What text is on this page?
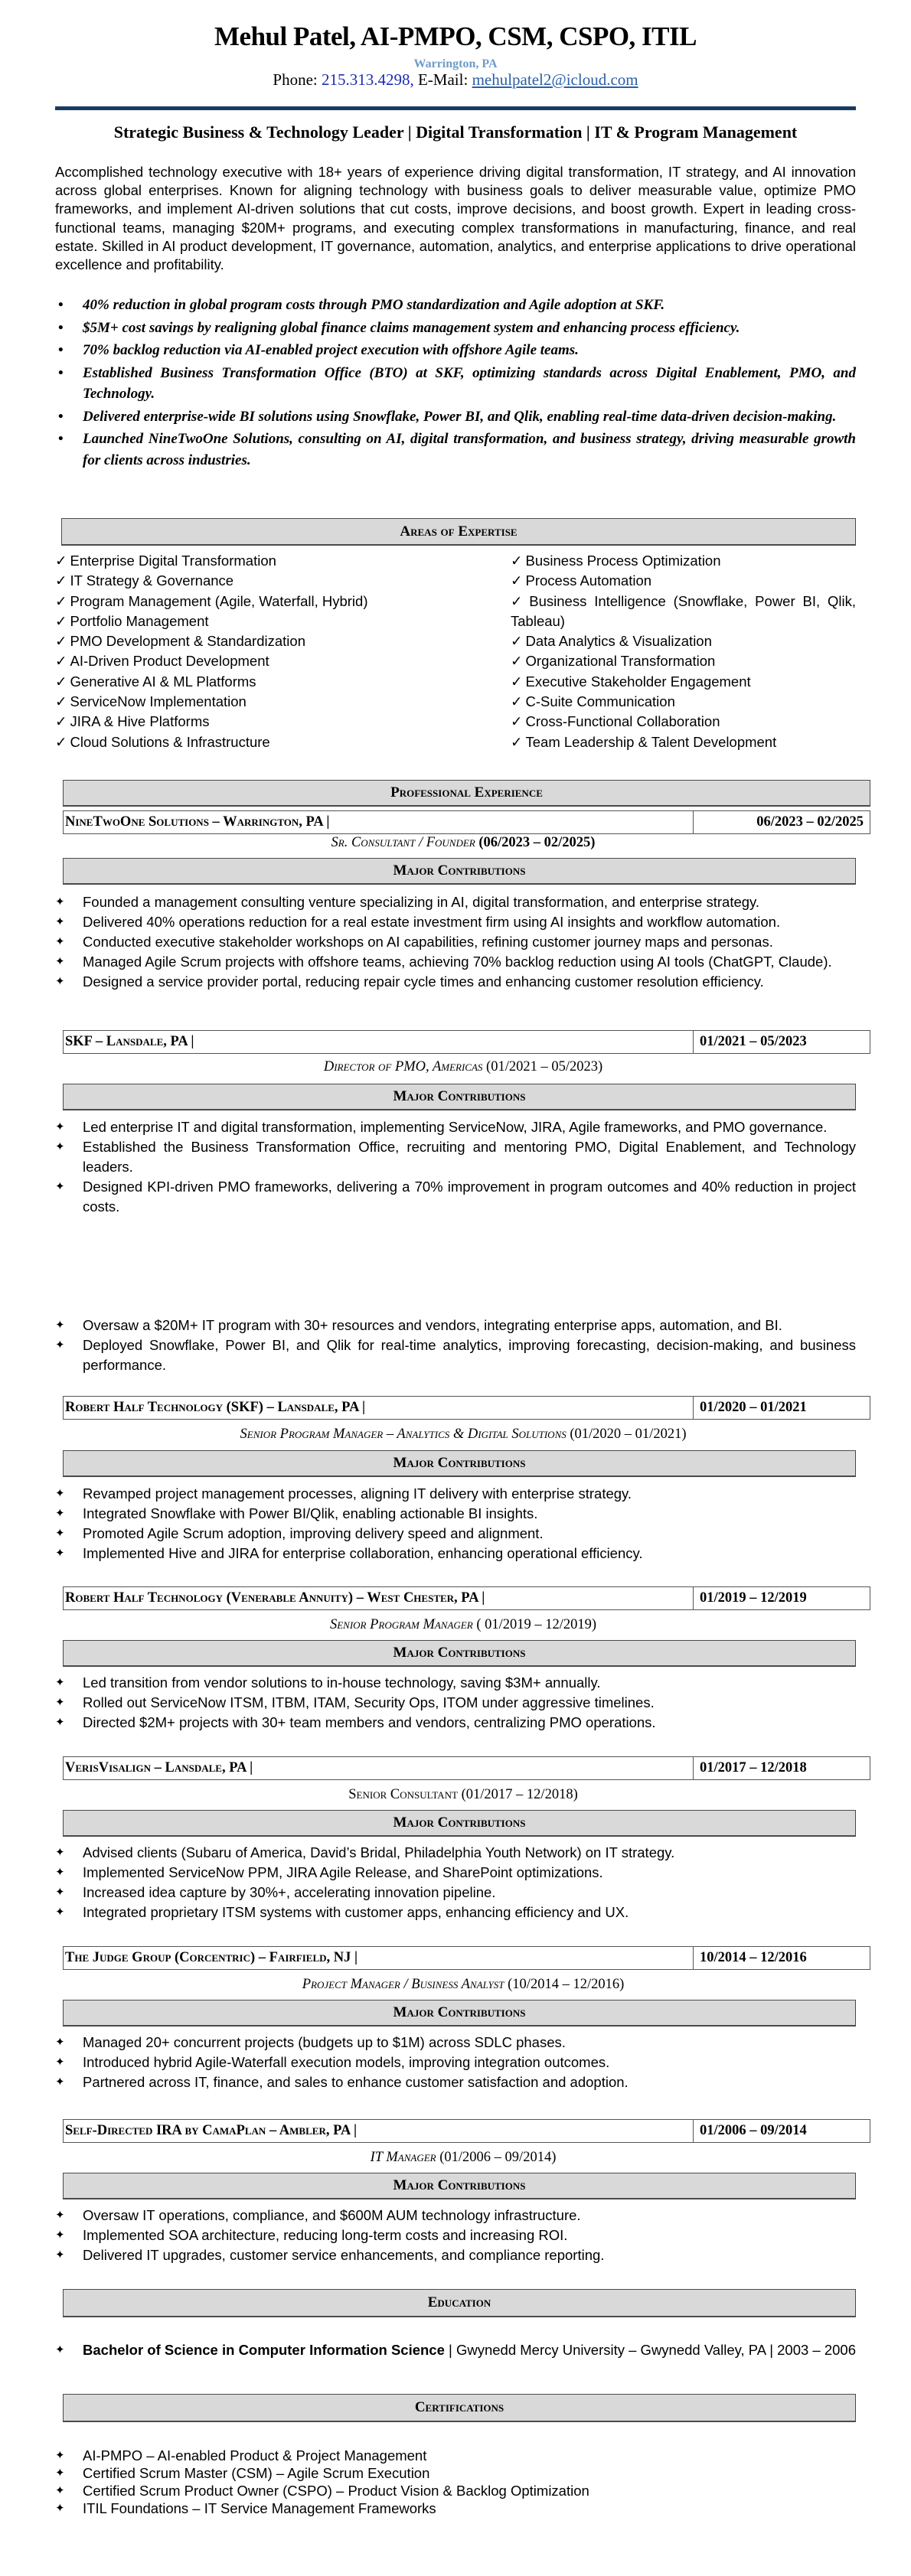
Mehul Patel, AI-PMPO, CSM, CSPO, ITIL
Warrington, PA
Phone: 215.313.4298, E-Mail: mehulpatel2@icloud.com
Strategic Business & Technology Leader | Digital Transformation | IT & Program Management
Accomplished technology executive with 18+ years of experience driving digital transformation, IT strategy, and AI innovation across global enterprises. Known for aligning technology with business goals to deliver measurable value, optimize PMO frameworks, and implement AI-driven solutions that cut costs, improve decisions, and boost growth. Expert in leading cross-functional teams, managing $20M+ programs, and executing complex transformations in manufacturing, finance, and real estate. Skilled in AI product development, IT governance, automation, analytics, and enterprise applications to drive operational excellence and profitability.
• 40% reduction in global program costs through PMO standardization and Agile adoption at SKF.
• $5M+ cost savings by realigning global finance claims management system and enhancing process efficiency.
• 70% backlog reduction via AI-enabled project execution with offshore Agile teams.
• Established Business Transformation Office (BTO) at SKF, optimizing standards across Digital Enablement, PMO, and Technology.
• Delivered enterprise-wide BI solutions using Snowflake, Power BI, and Qlik, enabling real-time data-driven decision-making.
• Launched NineTwoOne Solutions, consulting on AI, digital transformation, and business strategy, driving measurable growth for clients across industries.
Areas of Expertise
✓ Enterprise Digital Transformation
✓ IT Strategy & Governance
✓ Program Management (Agile, Waterfall, Hybrid)
✓ Portfolio Management
✓ PMO Development & Standardization
✓ AI-Driven Product Development
✓ Generative AI & ML Platforms
✓ ServiceNow Implementation
✓ JIRA & Hive Platforms
✓ Cloud Solutions & Infrastructure
✓ Business Process Optimization
✓ Process Automation
✓ Business Intelligence (Snowflake, Power BI, Qlik, Tableau)
✓ Data Analytics & Visualization
✓ Organizational Transformation
✓ Executive Stakeholder Engagement
✓ C-Suite Communication
✓ Cross-Functional Collaboration
✓ Team Leadership & Talent Development
Professional Experience
NineTwoOne Solutions – Warrington, PA |	06/2023 – 02/2025
Sr. Consultant / Founder (06/2023 – 02/2025)
Major Contributions
✦ Founded a management consulting venture specializing in AI, digital transformation, and enterprise strategy.
✦ Delivered 40% operations reduction for a real estate investment firm using AI insights and workflow automation.
✦ Conducted executive stakeholder workshops on AI capabilities, refining customer journey maps and personas.
✦ Managed Agile Scrum projects with offshore teams, achieving 70% backlog reduction using AI tools (ChatGPT, Claude).
✦ Designed a service provider portal, reducing repair cycle times and enhancing customer resolution efficiency.
SKF – Lansdale, PA |	01/2021 – 05/2023
Director of PMO, Americas (01/2021 – 05/2023)
Major Contributions
✦ Led enterprise IT and digital transformation, implementing ServiceNow, JIRA, Agile frameworks, and PMO governance.
✦ Established the Business Transformation Office, recruiting and mentoring PMO, Digital Enablement, and Technology leaders.
✦ Designed KPI-driven PMO frameworks, delivering a 70% improvement in program outcomes and 40% reduction in project costs.
✦ Oversaw a $20M+ IT program with 30+ resources and vendors, integrating enterprise apps, automation, and BI.
✦ Deployed Snowflake, Power BI, and Qlik for real-time analytics, improving forecasting, decision-making, and business performance.
Robert Half Technology (SKF) – Lansdale, PA |	01/2020 – 01/2021
Senior Program Manager – Analytics & Digital Solutions (01/2020 – 01/2021)
Major Contributions
✦ Revamped project management processes, aligning IT delivery with enterprise strategy.
✦ Integrated Snowflake with Power BI/Qlik, enabling actionable BI insights.
✦ Promoted Agile Scrum adoption, improving delivery speed and alignment.
✦ Implemented Hive and JIRA for enterprise collaboration, enhancing operational efficiency.
Robert Half Technology (Venerable Annuity) – West Chester, PA |	01/2019 – 12/2019
Senior Program Manager ( 01/2019 – 12/2019)
Major Contributions
✦ Led transition from vendor solutions to in-house technology, saving $3M+ annually.
✦ Rolled out ServiceNow ITSM, ITBM, ITAM, Security Ops, ITOM under aggressive timelines.
✦ Directed $2M+ projects with 30+ team members and vendors, centralizing PMO operations.
VerisVisalign – Lansdale, PA |	01/2017 – 12/2018
Senior Consultant (01/2017 – 12/2018)
Major Contributions
✦ Advised clients (Subaru of America, David’s Bridal, Philadelphia Youth Network) on IT strategy.
✦ Implemented ServiceNow PPM, JIRA Agile Release, and SharePoint optimizations.
✦ Increased idea capture by 30%+, accelerating innovation pipeline.
✦ Integrated proprietary ITSM systems with customer apps, enhancing efficiency and UX.
The Judge Group (Corcentric) – Fairfield, NJ |	10/2014 – 12/2016
Project Manager / Business Analyst (10/2014 – 12/2016)
Major Contributions
✦ Managed 20+ concurrent projects (budgets up to $1M) across SDLC phases.
✦ Introduced hybrid Agile-Waterfall execution models, improving integration outcomes.
✦ Partnered across IT, finance, and sales to enhance customer satisfaction and adoption.
Self-Directed IRA by CamaPlan – Ambler, PA |	01/2006 – 09/2014
IT Manager (01/2006 – 09/2014)
Major Contributions
✦ Oversaw IT operations, compliance, and $600M AUM technology infrastructure.
✦ Implemented SOA architecture, reducing long-term costs and increasing ROI.
✦ Delivered IT upgrades, customer service enhancements, and compliance reporting.
Education
✦ Bachelor of Science in Computer Information Science | Gwynedd Mercy University – Gwynedd Valley, PA | 2003 – 2006
Certifications
✦ AI-PMPO – AI-enabled Product & Project Management
✦ Certified Scrum Master (CSM) – Agile Scrum Execution
✦ Certified Scrum Product Owner (CSPO) – Product Vision & Backlog Optimization
✦ ITIL Foundations – IT Service Management Frameworks
